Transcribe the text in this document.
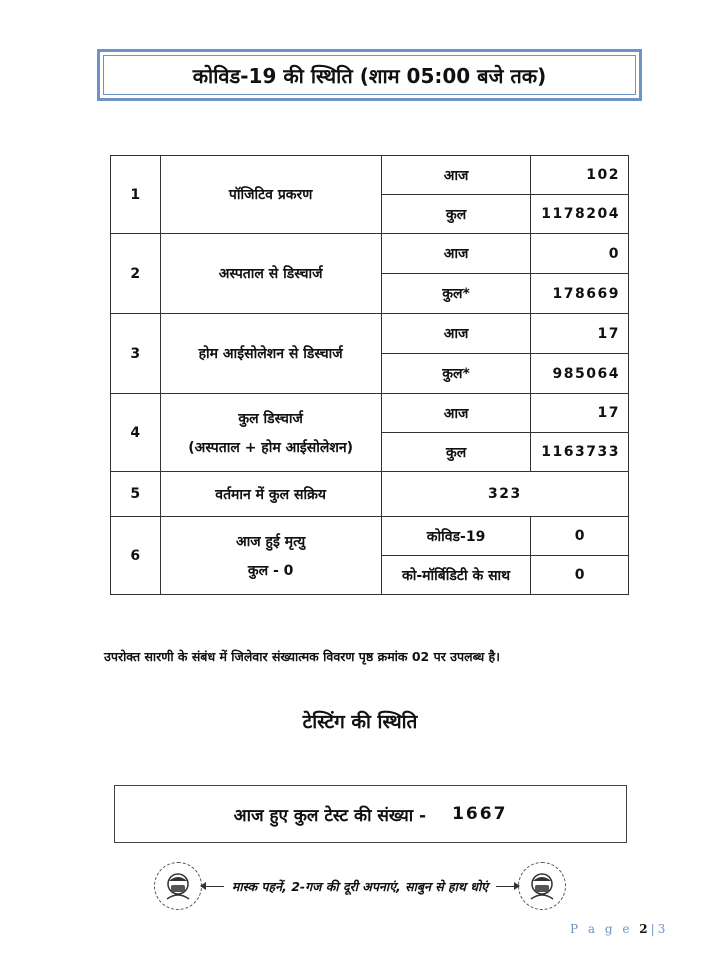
कोविड-19 की स्थिति (शाम 05:00 बजे तक)
1	पॉजिटिव प्रकरण	आज	102
		कुल	1178204
2	अस्पताल से डिस्चार्ज	आज	0
		कुल*	178669
3	होम आईसोलेशन से डिस्चार्ज	आज	17
		कुल*	985064
4	कुल डिस्चार्ज
(अस्पताल + होम आईसोलेशन)	आज	17
		कुल	1163733
5	वर्तमान में कुल सक्रिय	323	
6	आज हुई मृत्यु
कुल - 0	कोविड-19	0
		को-मॉर्बिडिटी के साथ	0
उपरोक्त सारणी के संबंध में जिलेवार संख्यात्मक विवरण पृष्ठ क्रमांक 02 पर उपलब्ध है।
टेस्टिंग की स्थिति
आज हुए कुल टेस्ट की संख्या - 1667
मास्क पहनें, 2-गज की दूरी अपनाएं, साबुन से हाथ धोएं
P a g e 2|3
